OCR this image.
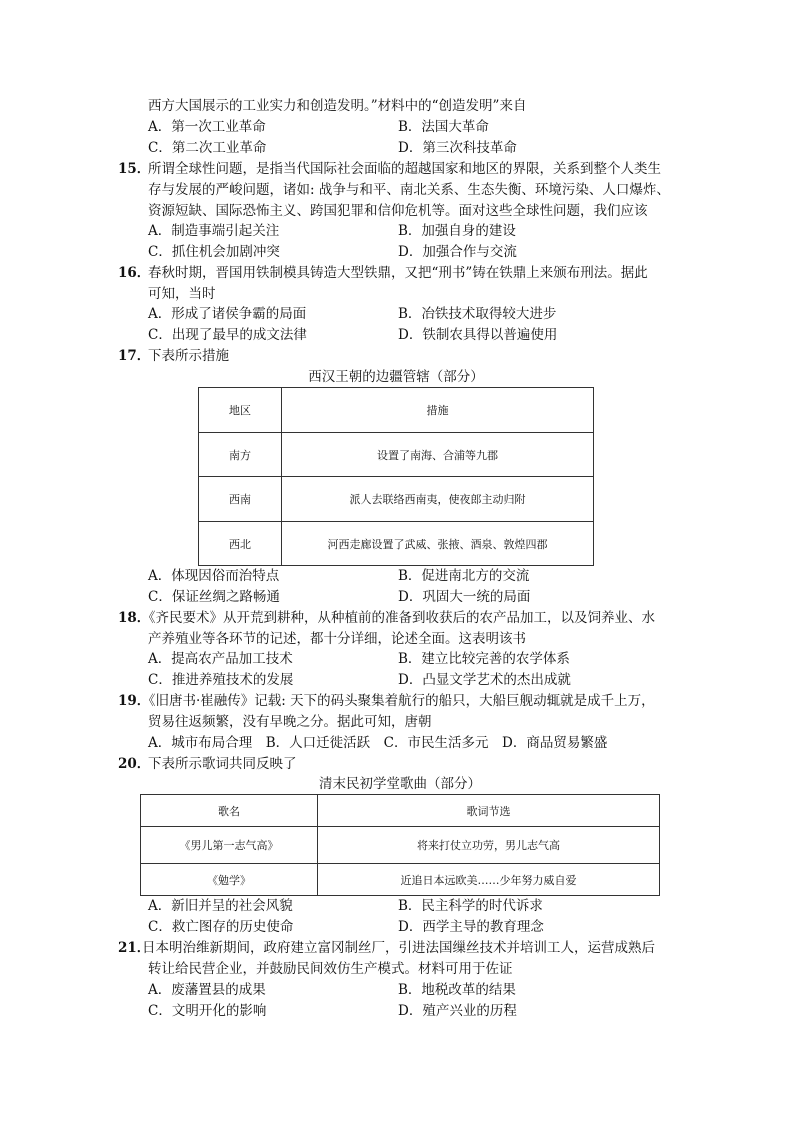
西方大国展示的工业实力和创造发明。”材料中的“创造发明”来自
A．第一次工业革命	B．法国大革命
C．第二次工业革命	D．第三次科技革命
15．
所谓全球性问题，是指当代国际社会面临的超越国家和地区的界限，关系到整个人类生
存与发展的严峻问题，诸如: 战争与和平、南北关系、生态失衡、环境污染、人口爆炸、
资源短缺、国际恐怖主义、跨国犯罪和信仰危机等。面对这些全球性问题，我们应该
A．制造事端引起关注	B．加强自身的建设
C．抓住机会加剧冲突	D．加强合作与交流
16．
春秋时期，晋国用铁制模具铸造大型铁鼎，又把“刑书”铸在铁鼎上来颁布刑法。据此
可知，当时
A．形成了诸侯争霸的局面	B．冶铁技术取得较大进步
C．出现了最早的成文法律	D．铁制农具得以普遍使用
17．
下表所示措施
西汉王朝的边疆管辖（部分）
地区	措施
南方	设置了南海、合浦等九郡
西南	派人去联络西南夷，使夜郎主动归附
西北	河西走廊设置了武威、张掖、酒泉、敦煌四郡
A．体现因俗而治特点	B．促进南北方的交流
C．保证丝绸之路畅通	D．巩固大一统的局面
18．
《齐民要术》从开荒到耕种，从种植前的准备到收获后的农产品加工，以及饲养业、水
产养殖业等各环节的记述，都十分详细，论述全面。这表明该书
A．提高农产品加工技术	B．建立比较完善的农学体系
C．推进养殖技术的发展	D．凸显文学艺术的杰出成就
19．
《旧唐书·崔融传》记载: 天下的码头聚集着航行的船只，大船巨舰动辄就是成千上万，
贸易往返频繁，没有早晚之分。据此可知，唐朝
A．城市布局合理　B．人口迁徙活跃　C．市民生活多元　D．商品贸易繁盛
20．
下表所示歌词共同反映了
清末民初学堂歌曲（部分）
歌名	歌词节选
《男儿第一志气高》	将来打仗立功劳，男儿志气高
《勉学》	近追日本远欧美……少年努力威自爱
A．新旧并呈的社会风貌	B．民主科学的时代诉求
C．救亡图存的历史使命	D．西学主导的教育理念
21．
日本明治维新期间，政府建立富冈制丝厂，引进法国缫丝技术并培训工人，运营成熟后
转让给民营企业，并鼓励民间效仿生产模式。材料可用于佐证
A．废藩置县的成果	B．地税改革的结果
C．文明开化的影响	D．殖产兴业的历程
